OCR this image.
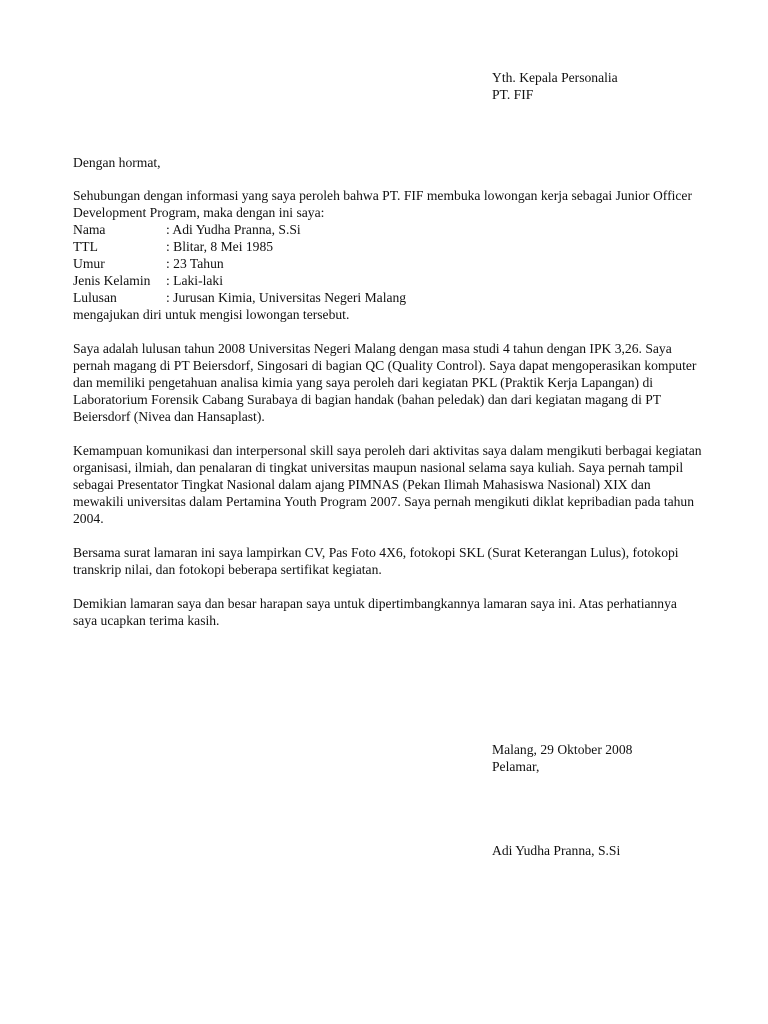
Yth. Kepala Personalia
PT. FIF
Dengan hormat,
Sehubungan dengan informasi yang saya peroleh bahwa PT. FIF membuka lowongan kerja sebagai Junior Officer Development Program, maka dengan ini saya:
Nama	: Adi Yudha Pranna, S.Si
TTL	: Blitar, 8 Mei 1985
Umur	: 23 Tahun
Jenis Kelamin	: Laki-laki
Lulusan	: Jurusan Kimia, Universitas Negeri Malang
mengajukan diri untuk mengisi lowongan tersebut.
Saya adalah lulusan tahun 2008 Universitas Negeri Malang dengan masa studi 4 tahun dengan IPK 3,26. Saya pernah magang di PT Beiersdorf, Singosari di bagian QC (Quality Control). Saya dapat mengoperasikan komputer dan memiliki pengetahuan analisa kimia yang saya peroleh dari kegiatan PKL (Praktik Kerja Lapangan) di Laboratorium Forensik Cabang Surabaya di bagian handak (bahan peledak) dan dari kegiatan magang di PT Beiersdorf (Nivea dan Hansaplast).
Kemampuan komunikasi dan interpersonal skill saya peroleh dari aktivitas saya dalam mengikuti berbagai kegiatan organisasi, ilmiah, dan penalaran di tingkat universitas maupun nasional selama saya kuliah. Saya pernah tampil sebagai Presentator Tingkat Nasional dalam ajang PIMNAS (Pekan Ilimah Mahasiswa Nasional) XIX dan mewakili universitas dalam Pertamina Youth Program 2007. Saya pernah mengikuti diklat kepribadian pada tahun 2004.
Bersama surat lamaran ini saya lampirkan CV, Pas Foto 4X6, fotokopi SKL (Surat Keterangan Lulus), fotokopi transkrip nilai, dan fotokopi beberapa sertifikat kegiatan.
Demikian lamaran saya dan besar harapan saya untuk dipertimbangkannya lamaran saya ini. Atas perhatiannya saya ucapkan terima kasih.
Malang, 29 Oktober 2008
Pelamar,
Adi Yudha Pranna, S.Si
